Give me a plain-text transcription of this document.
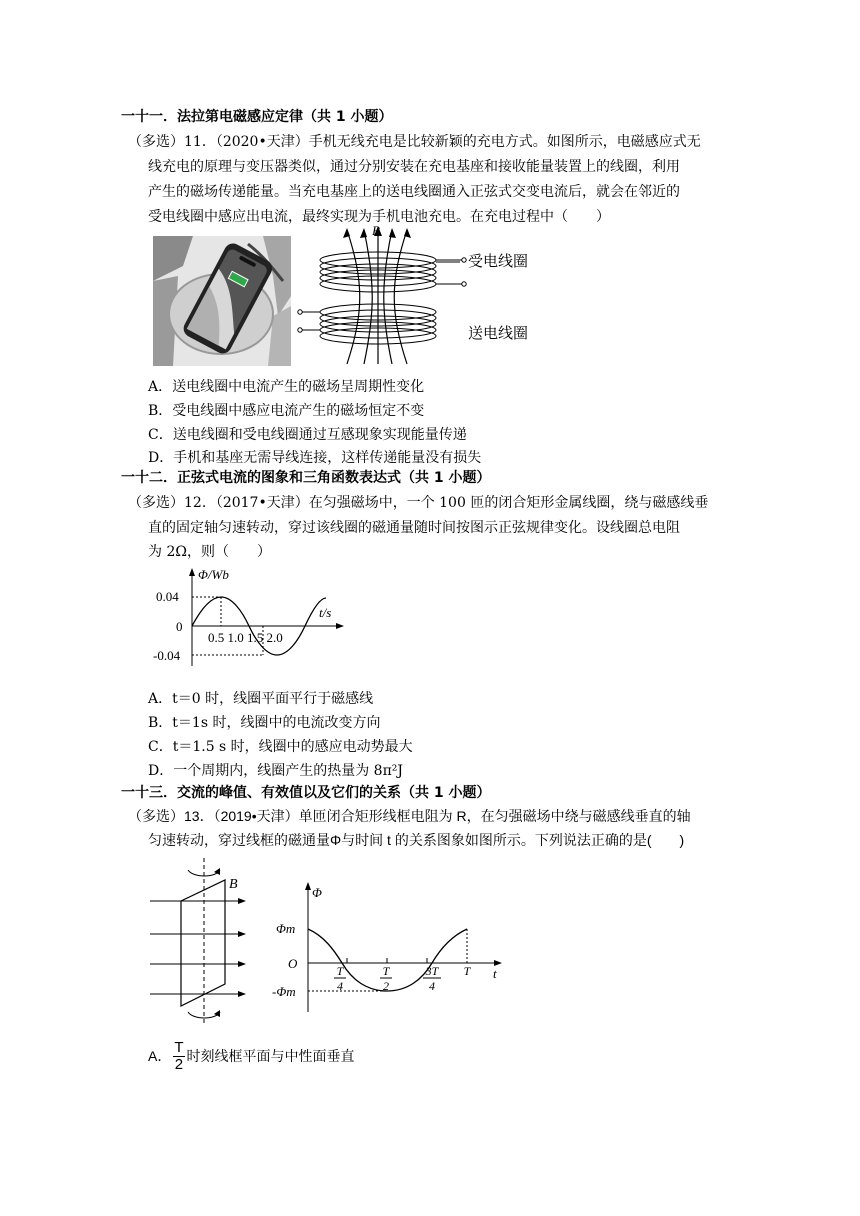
一十一．法拉第电磁感应定律（共 1 小题）
（多选）11．（2020•天津）手机无线充电是比较新颖的充电方式。如图所示，电磁感应式无
线充电的原理与变压器类似，通过分别安装在充电基座和接收能量装置上的线圈，利用
产生的磁场传递能量。当充电基座上的送电线圈通入正弦式交变电流后，就会在邻近的
受电线圈中感应出电流，最终实现为手机电池充电。在充电过程中（　　）
B
受电线圈
送电线圈
A．送电线圈中电流产生的磁场呈周期性变化
B．受电线圈中感应电流产生的磁场恒定不变
C．送电线圈和受电线圈通过互感现象实现能量传递
D．手机和基座无需导线连接，这样传递能量没有损失
一十二．正弦式电流的图象和三角函数表达式（共 1 小题）
（多选）12．（2017•天津）在匀强磁场中，一个 100 匝的闭合矩形金属线圈，绕与磁感线垂
直的固定轴匀速转动，穿过该线圈的磁通量随时间按图示正弦规律变化。设线圈总电阻
为 2Ω，则（　　）
Φ/Wb
t/s
0.04
0
-0.04
0.5 1.0 1.5 2.0
A．t＝0 时，线圈平面平行于磁感线
B．t＝1s 时，线圈中的电流改变方向
C．t＝1.5 s 时，线圈中的感应电动势最大
D．一个周期内，线圈产生的热量为 8π²J
一十三．交流的峰值、有效值以及它们的关系（共 1 小题）
（多选）13．（2019•天津）单匝闭合矩形线框电阻为 R，在匀强磁场中绕与磁感线垂直的轴
匀速转动，穿过线框的磁通量Φ与时间 t 的关系图象如图所示。下列说法正确的是(　　)
B
Φ
Φm
O
-Φm
t
T
4
T
2
3T
4
T
A． $\frac{T}{2}$ 时刻线框平面与中性面垂直
